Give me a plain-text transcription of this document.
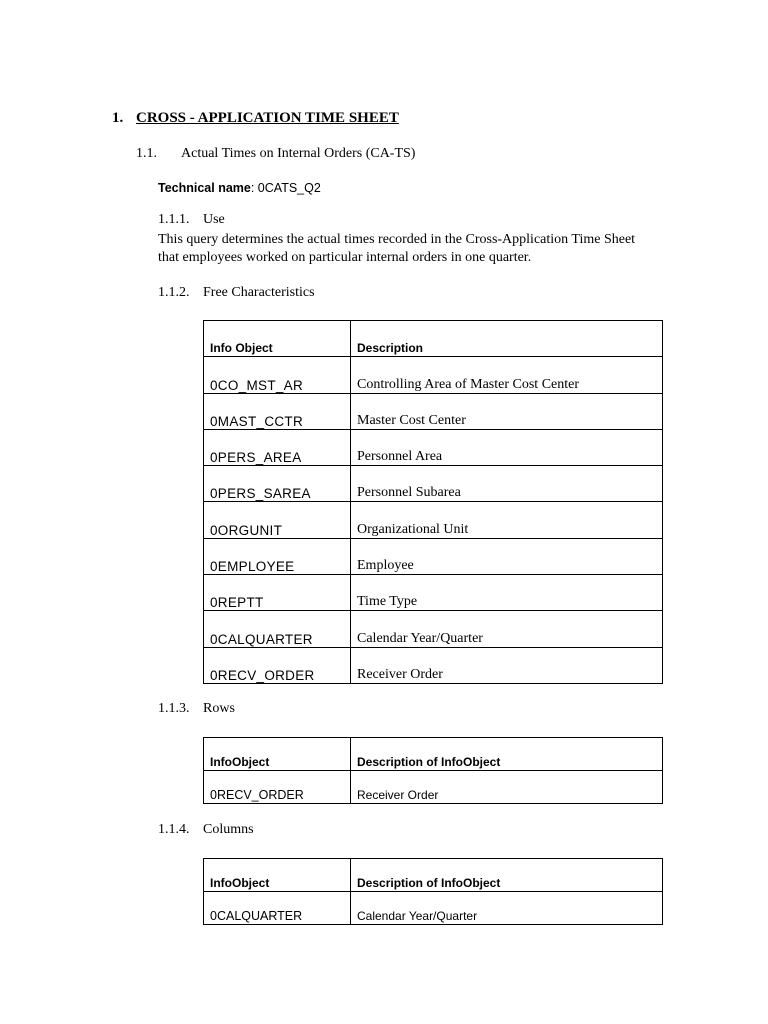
1. CROSS - APPLICATION TIME SHEET
1.1. Actual Times on Internal Orders (CA-TS)
Technical name: 0CATS_Q2
1.1.1. Use
This query determines the actual times recorded in the Cross-Application Time Sheet that employees worked on particular internal orders in one quarter.
1.1.2. Free Characteristics
Info Object	Description
0CO_MST_AR	Controlling Area of Master Cost Center
0MAST_CCTR	Master Cost Center
0PERS_AREA	Personnel Area
0PERS_SAREA	Personnel Subarea
0ORGUNIT	Organizational Unit
0EMPLOYEE	Employee
0REPTT	Time Type
0CALQUARTER	Calendar Year/Quarter
0RECV_ORDER	Receiver Order
1.1.3. Rows
InfoObject	Description of InfoObject
0RECV_ORDER	Receiver Order
1.1.4. Columns
InfoObject	Description of InfoObject
0CALQUARTER	Calendar Year/Quarter
